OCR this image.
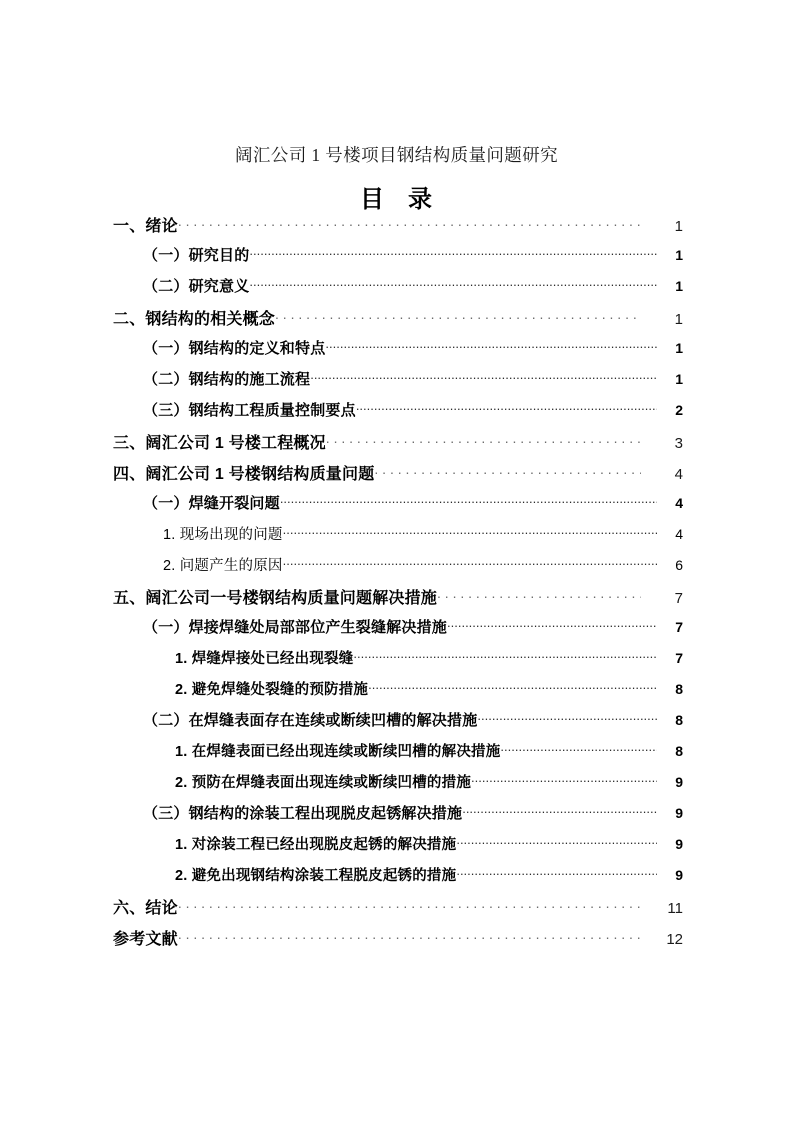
阔汇公司 1 号楼项目钢结构质量问题研究
目   录
一、绪论 . . .	1
（一）研究目的 .....	1
（二）研究意义 .....	1
二、钢结构的相关概念 . . .	1
（一）钢结构的定义和特点 .....	1
（二）钢结构的施工流程 .....	1
（三）钢结构工程质量控制要点 .....	2
三、阔汇公司 1 号楼工程概况 . . .	3
四、阔汇公司 1 号楼钢结构质量问题 . . .	4
（一）焊缝开裂问题 .....	4
1. 现场出现的问题 .....	4
2. 问题产生的原因 .....	6
五、阔汇公司一号楼钢结构质量问题解决措施 . . .	7
（一）焊接焊缝处局部部位产生裂缝解决措施 .....	7
1. 焊缝焊接处已经出现裂缝 .....	7
2. 避免焊缝处裂缝的预防措施 .....	8
（二）在焊缝表面存在连续或断续凹槽的解决措施 .....	8
1. 在焊缝表面已经出现连续或断续凹槽的解决措施 .....	8
2. 预防在焊缝表面出现连续或断续凹槽的措施 .....	9
（三）钢结构的涂装工程出现脱皮起锈解决措施 .....	9
1. 对涂装工程已经出现脱皮起锈的解决措施 .....	9
2. 避免出现钢结构涂装工程脱皮起锈的措施 .....	9
六、结论 . . .	11
参考文献 . . .	12
